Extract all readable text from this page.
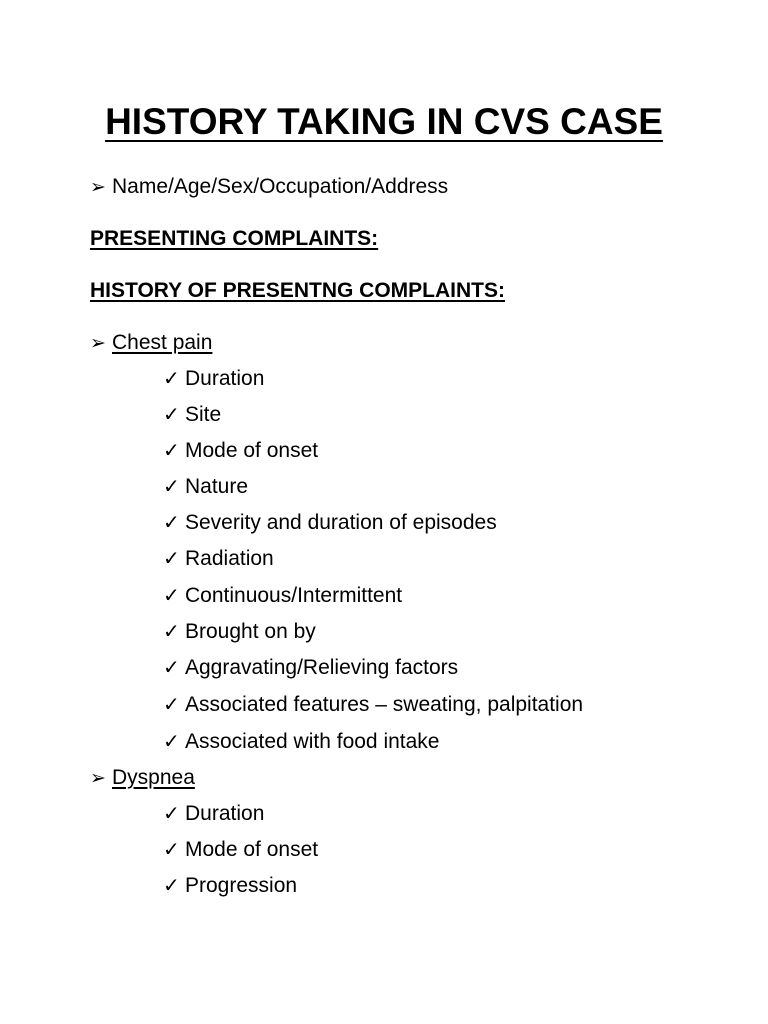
HISTORY TAKING IN CVS CASE
➢ Name/Age/Sex/Occupation/Address
PRESENTING COMPLAINTS:
HISTORY OF PRESENTNG COMPLAINTS:
➢ Chest pain
✓ Duration
✓ Site
✓ Mode of onset
✓ Nature
✓ Severity and duration of episodes
✓ Radiation
✓ Continuous/Intermittent
✓ Brought on by
✓ Aggravating/Relieving factors
✓ Associated features – sweating, palpitation
✓ Associated with food intake
➢ Dyspnea
✓ Duration
✓ Mode of onset
✓ Progression
